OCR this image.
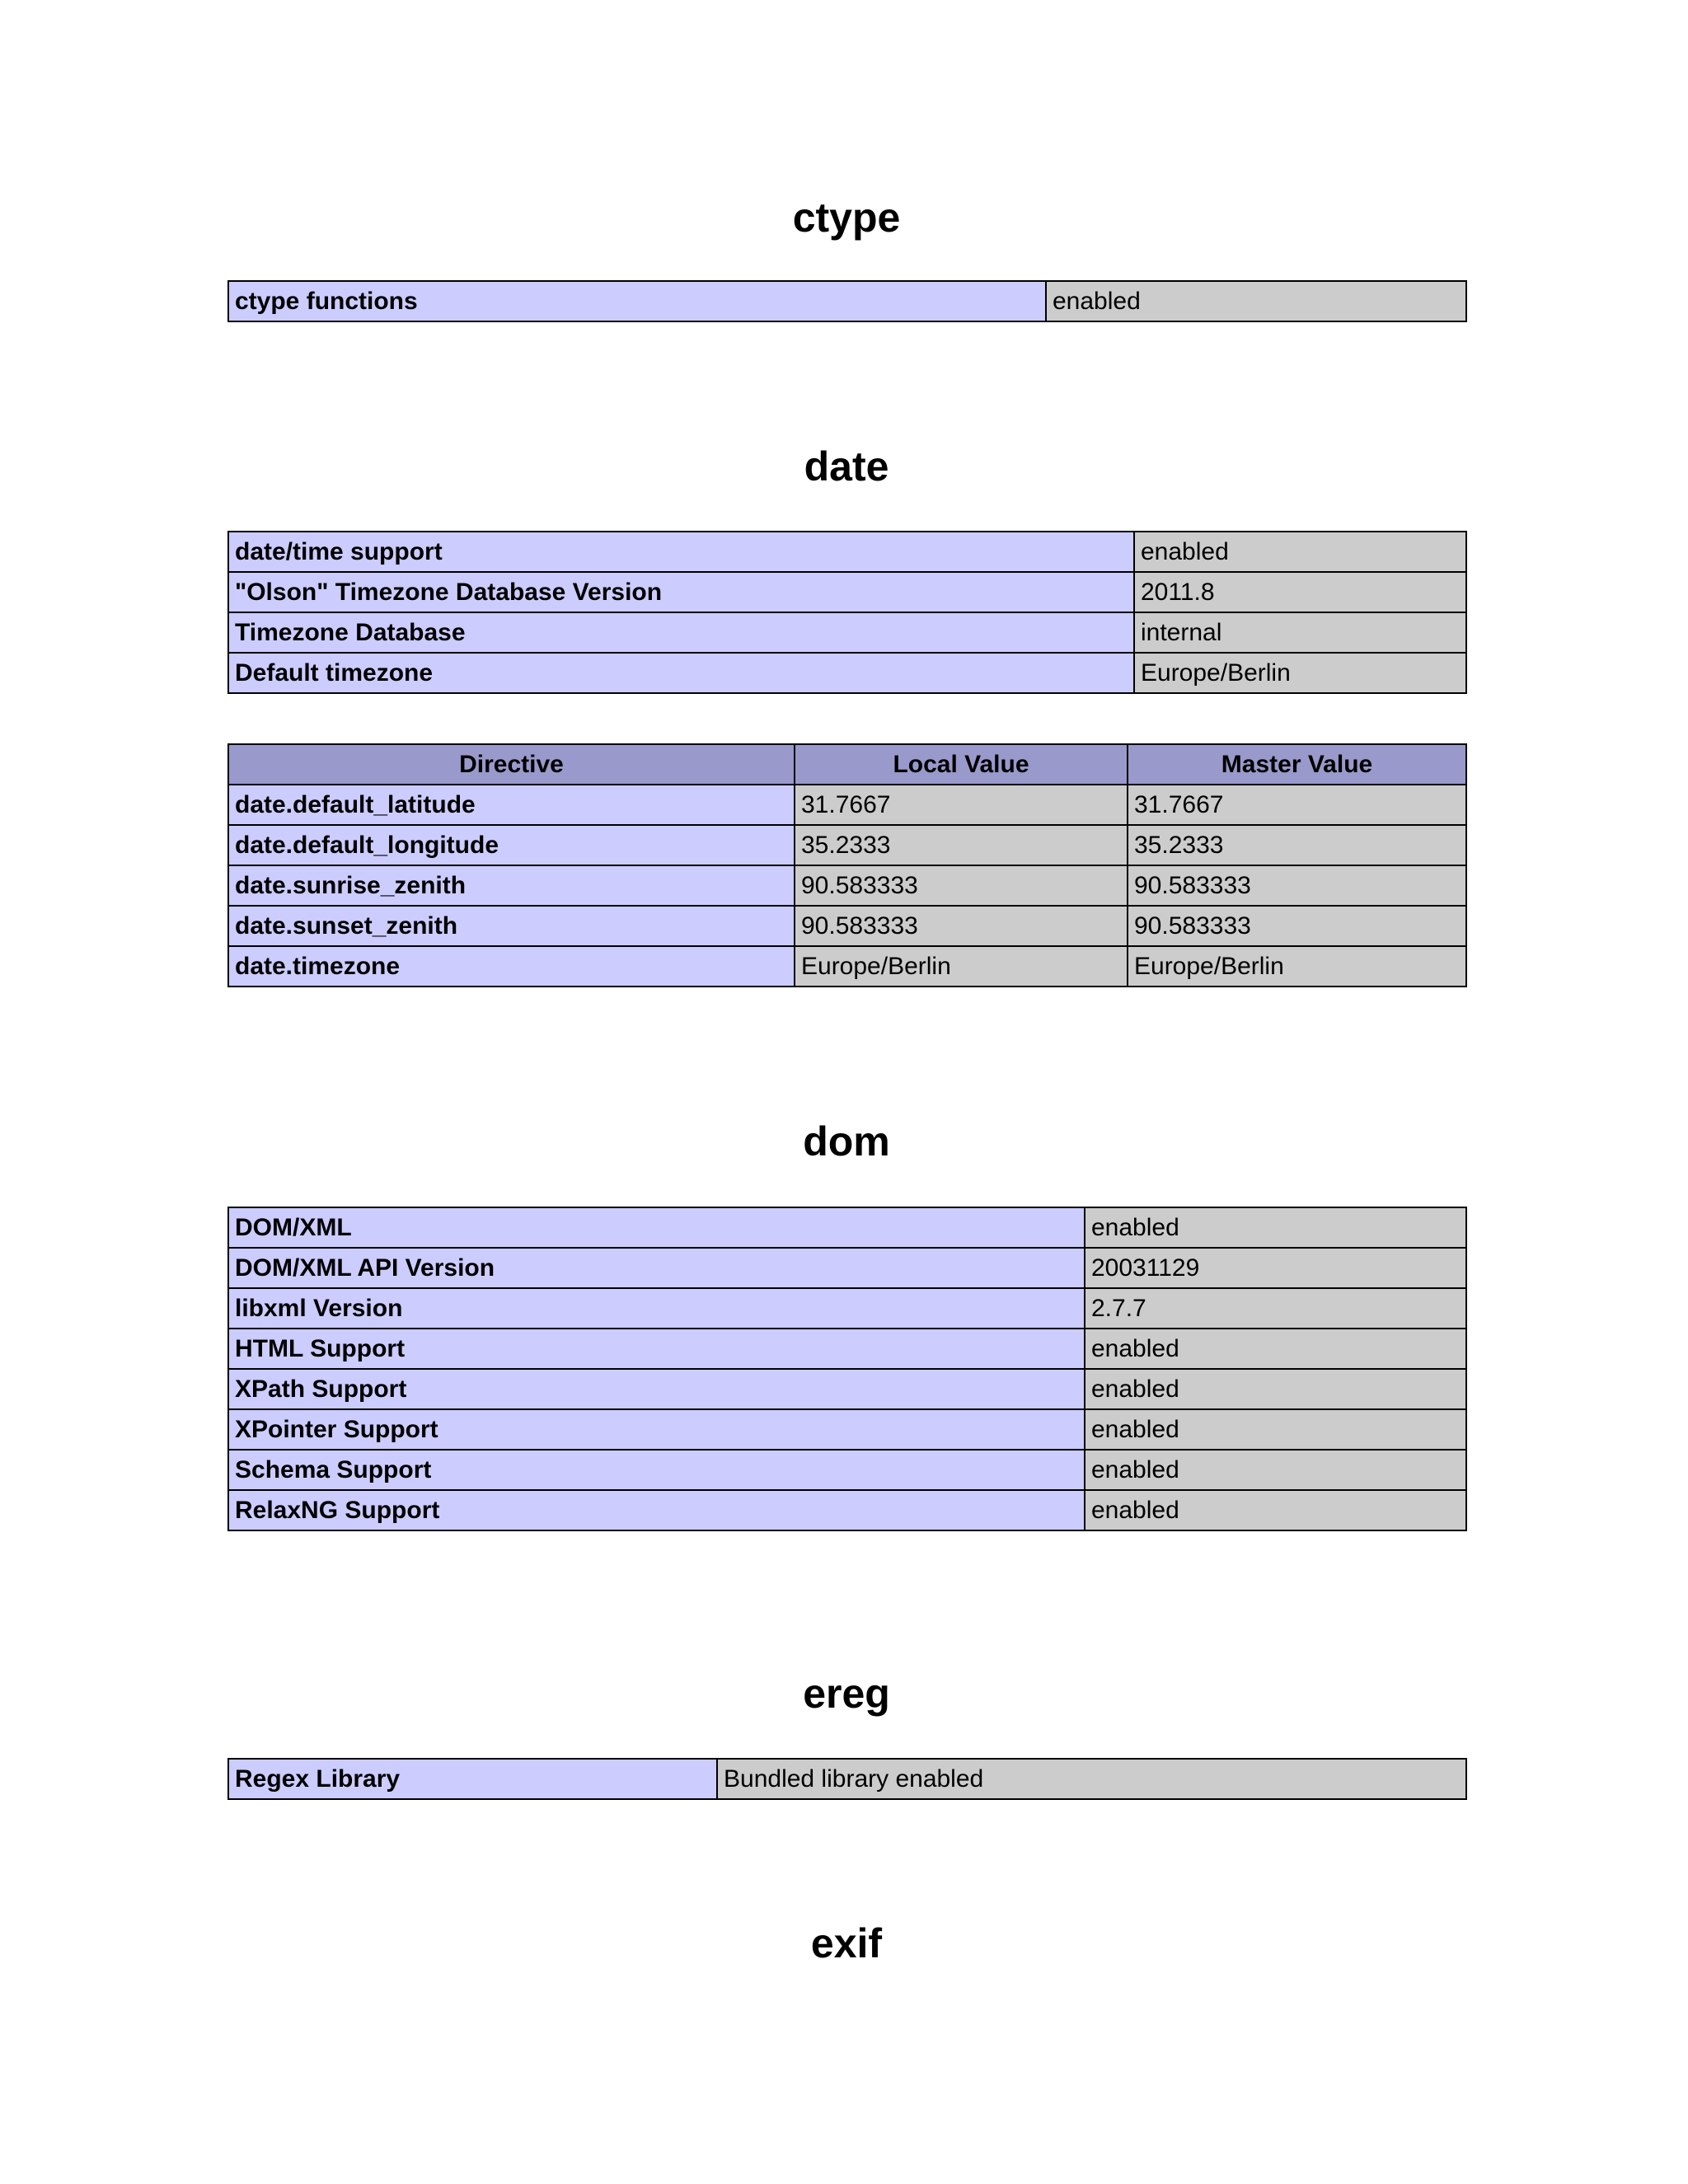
ctype
ctype functions	enabled
date
date/time support	enabled
"Olson" Timezone Database Version	2011.8
Timezone Database	internal
Default timezone	Europe/Berlin
Directive	Local Value	Master Value
date.default_latitude	31.7667	31.7667
date.default_longitude	35.2333	35.2333
date.sunrise_zenith	90.583333	90.583333
date.sunset_zenith	90.583333	90.583333
date.timezone	Europe/Berlin	Europe/Berlin
dom
DOM/XML	enabled
DOM/XML API Version	20031129
libxml Version	2.7.7
HTML Support	enabled
XPath Support	enabled
XPointer Support	enabled
Schema Support	enabled
RelaxNG Support	enabled
ereg
Regex Library	Bundled library enabled
exif
